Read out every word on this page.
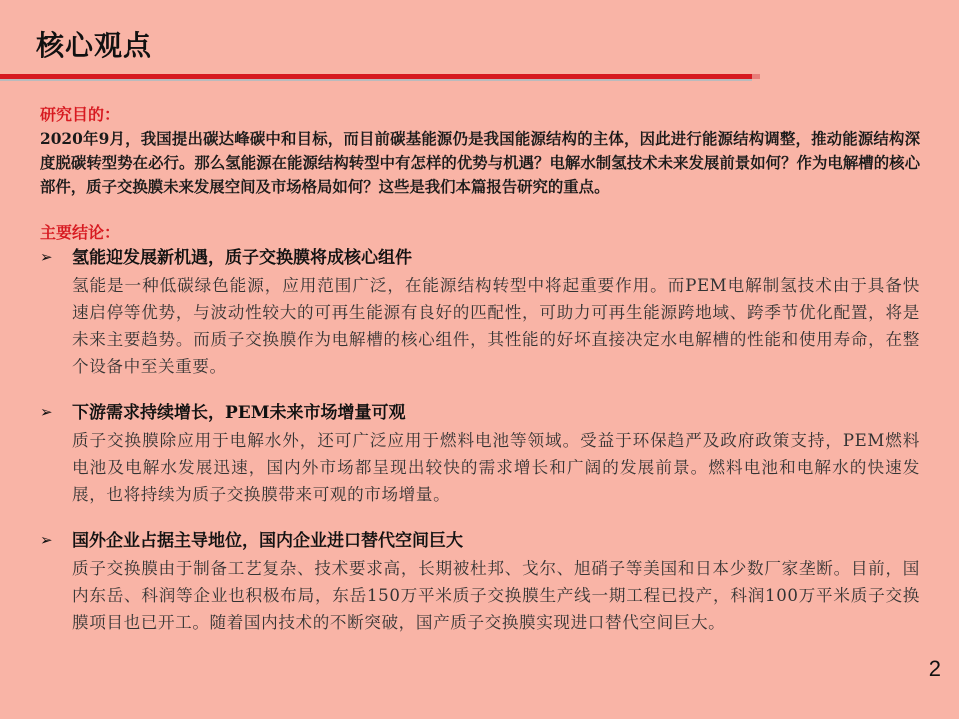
核心观点
研究目的：
2020年9月，我国提出碳达峰碳中和目标，而目前碳基能源仍是我国能源结构的主体，因此进行能源结构调整，推动能源结构深度脱碳转型势在必行。那么氢能源在能源结构转型中有怎样的优势与机遇？电解水制氢技术未来发展前景如何？作为电解槽的核心部件，质子交换膜未来发展空间及市场格局如何？这些是我们本篇报告研究的重点。
主要结论：
➢ 氢能迎发展新机遇，质子交换膜将成核心组件
氢能是一种低碳绿色能源，应用范围广泛，在能源结构转型中将起重要作用。而PEM电解制氢技术由于具备快速启停等优势，与波动性较大的可再生能源有良好的匹配性，可助力可再生能源跨地域、跨季节优化配置，将是未来主要趋势。而质子交换膜作为电解槽的核心组件，其性能的好坏直接决定水电解槽的性能和使用寿命，在整个设备中至关重要。
➢ 下游需求持续增长，PEM未来市场增量可观
质子交换膜除应用于电解水外，还可广泛应用于燃料电池等领域。受益于环保趋严及政府政策支持，PEM燃料电池及电解水发展迅速，国内外市场都呈现出较快的需求增长和广阔的发展前景。燃料电池和电解水的快速发展，也将持续为质子交换膜带来可观的市场增量。
➢ 国外企业占据主导地位，国内企业进口替代空间巨大
质子交换膜由于制备工艺复杂、技术要求高，长期被杜邦、戈尔、旭硝子等美国和日本少数厂家垄断。目前，国内东岳、科润等企业也积极布局，东岳150万平米质子交换膜生产线一期工程已投产，科润100万平米质子交换膜项目也已开工。随着国内技术的不断突破，国产质子交换膜实现进口替代空间巨大。
2
